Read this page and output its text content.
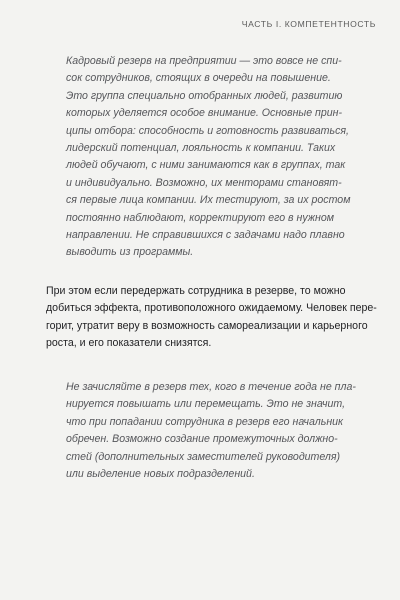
ЧАСТЬ I. КОМПЕТЕНТНОСТЬ
Кадровый резерв на предприятии — это вовсе не спи-
сок сотрудников, стоящих в очереди на повышение.
Это группа специально отобранных людей, развитию
которых уделяется особое внимание. Основные прин-
ципы отбора: способность и готовность развиваться,
лидерский потенциал, лояльность к компании. Таких
людей обучают, с ними занимаются как в группах, так
и индивидуально. Возможно, их менторами становят-
ся первые лица компании. Их тестируют, за их ростом
постоянно наблюдают, корректируют его в нужном
направлении. Не справившихся с задачами надо плавно
выводить из программы.
При этом если передержать сотрудника в резерве, то можно
добиться эффекта, противоположного ожидаемому. Человек пере-
горит, утратит веру в возможность самореализации и карьерного
роста, и его показатели снизятся.
Не зачисляйте в резерв тех, кого в течение года не пла-
нируется повышать или перемещать. Это не значит,
что при попадании сотрудника в резерв его начальник
обречен. Возможно создание промежуточных должно-
стей (дополнительных заместителей руководителя)
или выделение новых подразделений.
